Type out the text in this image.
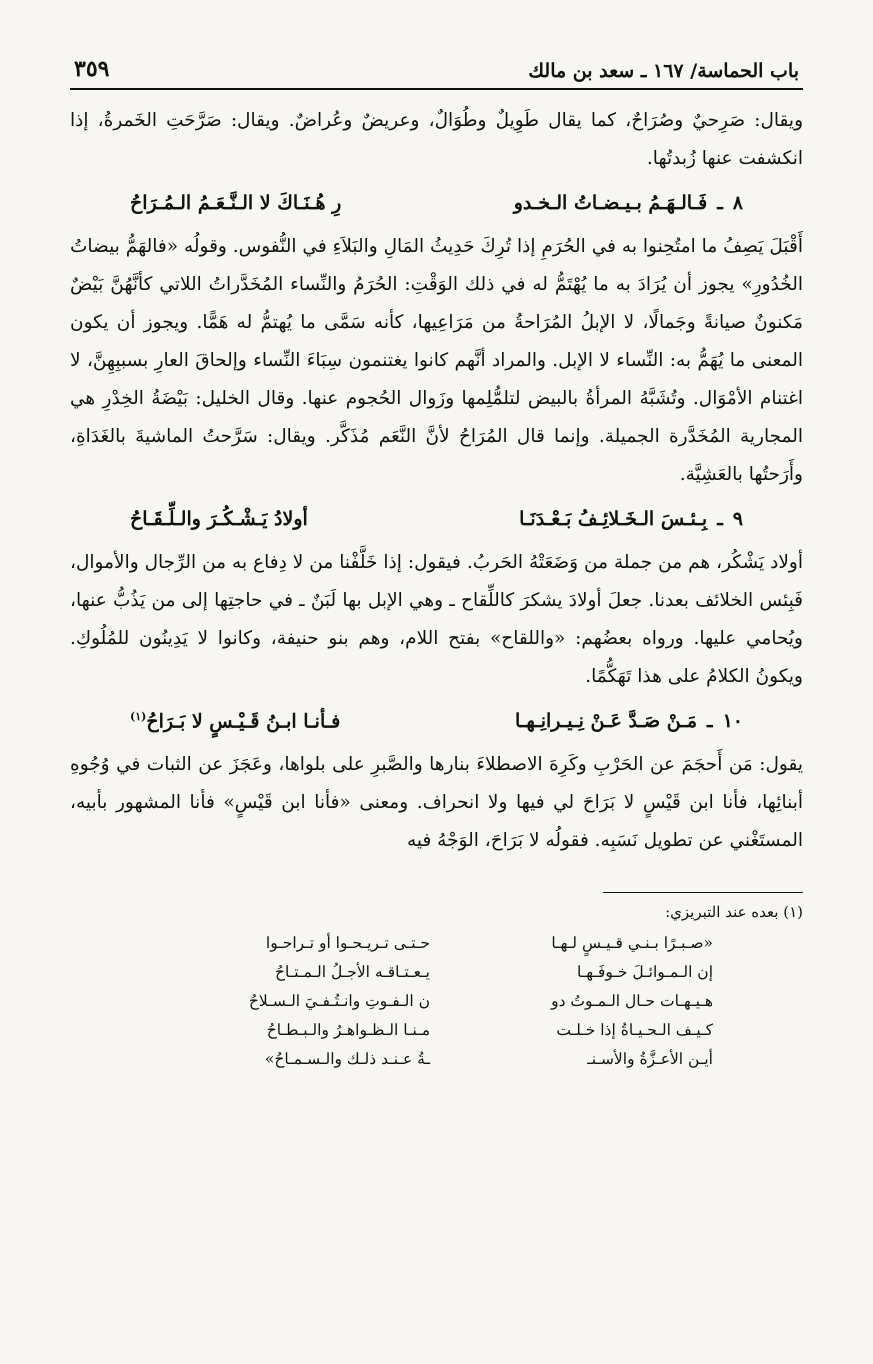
باب الحماسة/ ١٦٧ ـ سعد بن مالك
٣٥٩

ويقال: صَرِحيٌ وصُرَاحٌ، كما يقال طَوِيلٌ وطُوَالٌ، وعريضٌ وعُراضٌ. ويقال: صَرَّحَتِ الخَمرةُ، إذا انكشفت عنها زُبدتُها.

٨
ـ
فَـالـهَـمُ بـيـضـاتُ الـخـدو
رِ هُـنَـاكَ لا الـنَّـعَـمُ الـمُـرَاحُ

أَقْبَلَ يَصِفُ ما امتُحِنوا به في الحُرَمِ إذا تُرِكَ حَدِيثُ المَالِ والبَلاَءِ في النُّفوس. وقولُه «فالهَمُّ بيضاتُ الخُدُورِ» يجوز أن يُرَادَ به ما يُهْتَمُّ له في ذلك الوَقْتِ: الحُرَمُ والنِّساء المُخَدَّراتُ اللاتي كأنَّهُنَّ بَيْضٌ مَكنونٌ صيانةً وجَمالًا، لا الإبلُ المُرَاحةُ من مَرَاعِيها، كأنه سَمَّى ما يُهتمُّ له هَمًّا. ويجوز أن يكون المعنى ما يُهَمُّ به: النِّساء لا الإبل. والمراد أنَّهم كانوا يغتنمون سِبَاءَ النِّساء وإلحاقَ العارِ بسببِهِنَّ، لا اغتنام الأمْوَال. وتُشَبَّهُ المرأةُ بالبيض لتلمُّلِمها وزَوال الحُجوم عنها. وقال الخليل: بَيْضَةُ الخِدْرِ هي المجارية المُخَدَّرة الجميلة. وإنما قال المُرَاحُ لأنَّ النَّعَم مُذَكَّر. ويقال: سَرَّحتُ الماشيةَ بالغَدَاةِ، وأَرَحتُها بالعَشِيَّة.

٩
ـ
بِـئـسَ الـخَـلائِـفُ بَـعْـدَنَـا
أولادُ يَـشْـكُـرَ والـلِّـقَـاحُ

أولاد يَشْكُر، هم من جملة من وَضَعَتْهُ الحَربُ. فيقول: إذا خَلَّفْنا من لا دِفاع به من الرِّجال والأموال، فَبِئس الخلائف بعدنا. جعلَ أولادَ يشكرَ كاللِّقاح ـ وهي الإبل بها لَبَنٌ ـ في حاجتِها إلى من يَذُبُّ عنها، ويُحامي عليها. ورواه بعضُهم: «واللقاح» بفتح اللام، وهم بنو حنيفة، وكانوا لا يَدِينُون للمُلُوكِ. ويكونُ الكلامُ على هذا تَهَكُّمًا.

١٠
ـ
مَـنْ صَـدَّ عَـنْ نِـيـرانِـهـا
فـأنـا ابـنُ قَـيْـسٍ لا بَـرَاحُ$^{(١)}$

يقول: مَن أَحجَمَ عن الحَرْبِ وكَرِهَ الاصطلاءَ بنارها والصَّبرِ على بلواها، وعَجَزَ عن الثبات في وُجُوهِ أبنائِها، فأنا ابن قَيْسٍ لا بَرَاحَ لي فيها ولا انحراف. ومعنى «فأنا ابن قَيْسٍ» فأنا المشهور بأبيه، المستَغْني عن تطويل نَسَبِه. فقولُه لا بَرَاحَ، الوَجْهُ فيه

(١) بعده عند التبريزي:
«صـبـرًا بـنـي قـيـسٍ لـهـا
حـتـى تـريـحـوا أو تـراحـوا
إن الـمـوائـلَ خـوفَـهـا
يـعـتـاقـه الأجـلُ الـمـتـاحُ
هـيـهـات حـال الـمـوتُ دو
ن الـفـوتِ وانـتُـفـيَ الـسـلاحُ
كـيـف الـحـيـاةُ إذا خـلـت
مـنـا الـظـواهـرُ والـبـطـاحُ
أيـن الأعـزَّةُ والأسـنـ
ـةُ عـنـد ذلـك والـسـمـاحُ»
